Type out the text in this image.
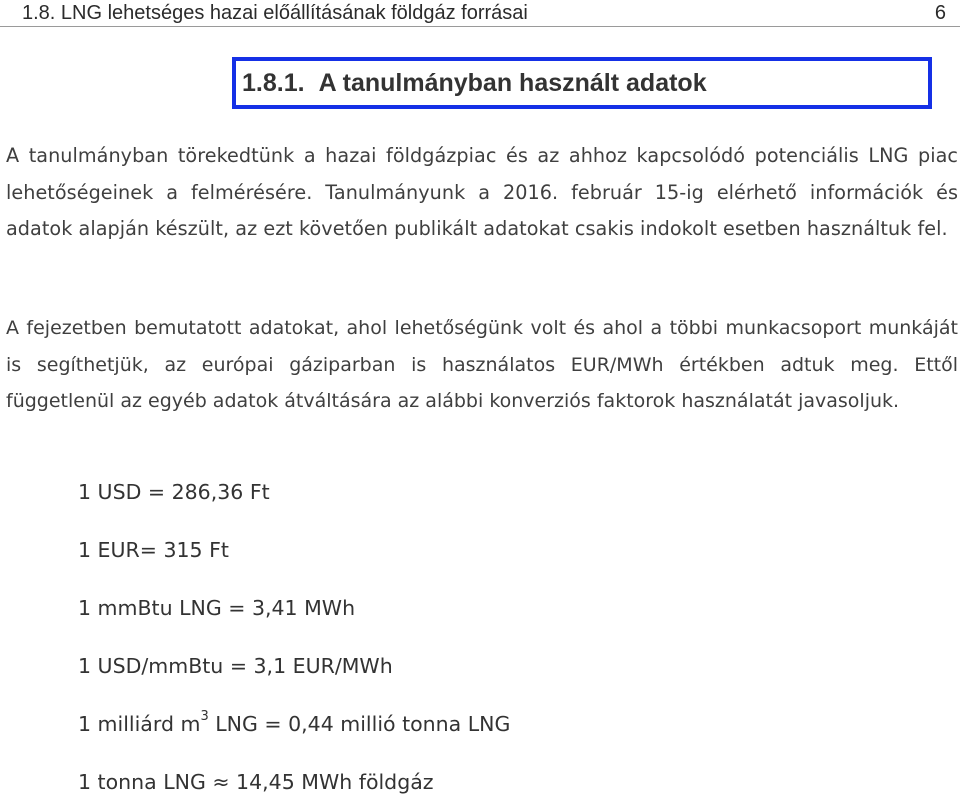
1.8. LNG lehetséges hazai előállításának földgáz forrásai	6
1.8.1. A tanulmányban használt adatok

A tanulmányban törekedtünk a hazai földgázpiac és az ahhoz kapcsolódó potenciális LNG piac lehetőségeinek a felmérésére. Tanulmányunk a 2016. február 15-ig elérhető információk és adatok alapján készült, az ezt követően publikált adatokat csakis indokolt esetben használtuk fel.

A fejezetben bemutatott adatokat, ahol lehetőségünk volt és ahol a többi munkacsoport munkáját is segíthetjük, az európai gáziparban is használatos EUR/MWh értékben adtuk meg. Ettől függetlenül az egyéb adatok átváltására az alábbi konverziós faktorok használatát javasoljuk.

1 USD = 286,36 Ft
1 EUR= 315 Ft
1 mmBtu LNG = 3,41 MWh
1 USD/mmBtu = 3,1 EUR/MWh
1 milliárd $m^3$ LNG = 0,44 millió tonna LNG
1 tonna LNG ≈ 14,45 MWh földgáz
